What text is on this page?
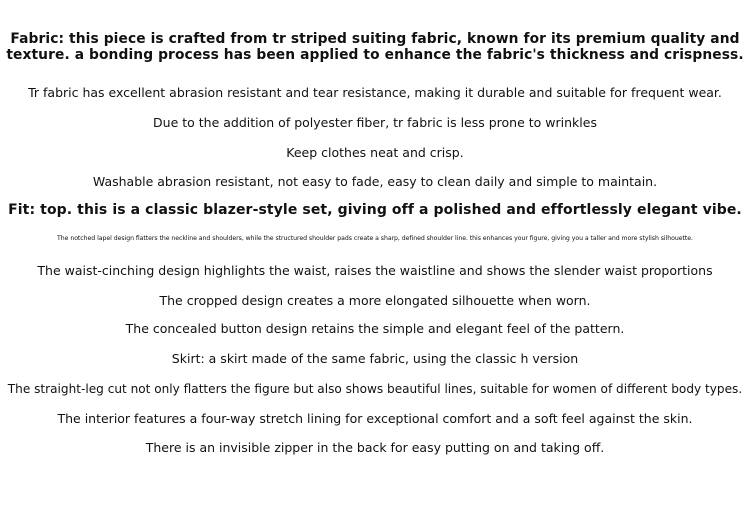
Fabric: this piece is crafted from tr striped suiting fabric, known for its premium quality and

texture. a bonding process has been applied to enhance the fabric's thickness and crispness.

Tr fabric has excellent abrasion resistant and tear resistance, making it durable and suitable for frequent wear.

Due to the addition of polyester fiber, tr fabric is less prone to wrinkles

Keep clothes neat and crisp.

Washable abrasion resistant, not easy to fade, easy to clean daily and simple to maintain.

Fit: top. this is a classic blazer-style set, giving off a polished and effortlessly elegant vibe.

The notched lapel design flatters the neckline and shoulders, while the structured shoulder pads create a sharp, defined shoulder line. this enhances your figure, giving you a taller and more stylish silhouette.

The waist-cinching design highlights the waist, raises the waistline and shows the slender waist proportions

The cropped design creates a more elongated silhouette when worn.

The concealed button design retains the simple and elegant feel of the pattern.

Skirt: a skirt made of the same fabric, using the classic h version

The straight-leg cut not only flatters the figure but also shows beautiful lines, suitable for women of different body types.

The interior features a four-way stretch lining for exceptional comfort and a soft feel against the skin.

There is an invisible zipper in the back for easy putting on and taking off.
